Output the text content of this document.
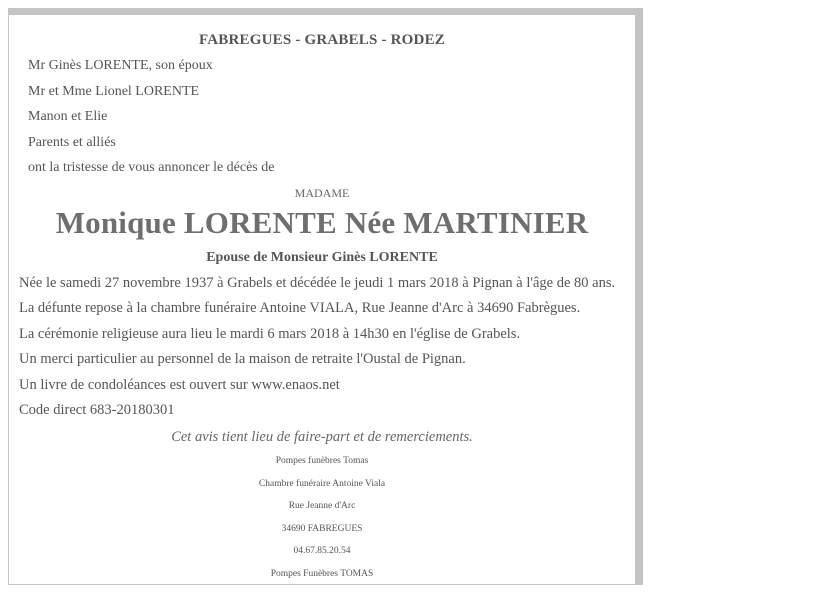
FABREGUES - GRABELS - RODEZ
Mr Ginès LORENTE, son époux
Mr et Mme Lionel LORENTE
Manon et Elie
Parents et alliés
ont la tristesse de vous annoncer le décès de
MADAME
Monique LORENTE Née MARTINIER
Epouse de Monsieur Ginès LORENTE
Née le samedi 27 novembre 1937 à Grabels et décédée le jeudi 1 mars 2018 à Pignan à l'âge de 80 ans.
La défunte repose à la chambre funéraire Antoine VIALA, Rue Jeanne d'Arc à 34690 Fabrègues.
La cérémonie religieuse aura lieu le mardi 6 mars 2018 à 14h30 en l'église de Grabels.
Un merci particulier au personnel de la maison de retraite l'Oustal de Pignan.
Un livre de condoléances est ouvert sur www.enaos.net
Code direct 683-20180301
Cet avis tient lieu de faire-part et de remerciements.
Pompes funèbres Tomas
Chambre funéraire Antoine Viala
Rue Jeanne d'Arc
34690 FABREGUES
04.67.85.20.54
Pompes Funèbres TOMAS
